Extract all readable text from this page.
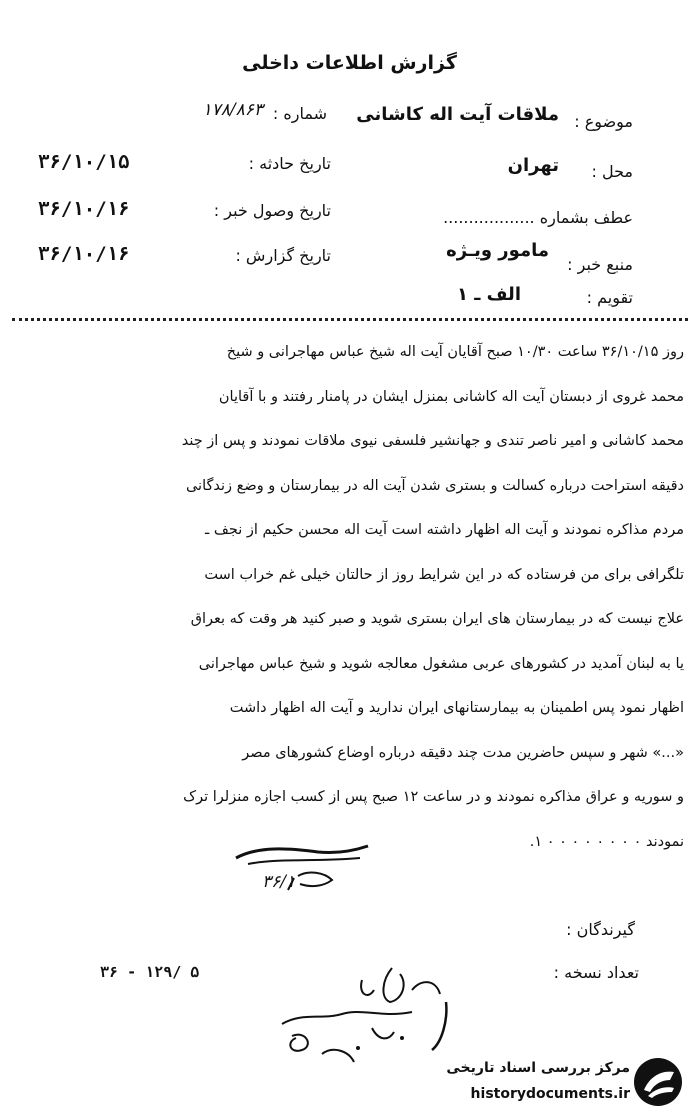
گزارش اطلاعات داخلی
موضوع :
ملاقات آیت اله کاشانی
شماره :
۱۷۸/۸۶۳
محل :
تهران
تاریخ حادثه :
۳۶/۱۰/۱۵
عطف بشماره ..................
تاریخ وصول خبر :
۳۶/۱۰/۱۶
منبع خبر :
مامور ویـژه
تاریخ گزارش :
۳۶/۱۰/۱۶
تقویم :
الف ـ ۱

روز ۳۶/۱۰/۱۵ ساعت ۱۰/۳۰ صبح آقایان آیت اله شیخ عباس مهاجرانی و شیخ

محمد غروی از دبستان آیت اله کاشانی بمنزل ایشان در پامنار رفتند و با آقایان

محمد کاشانی و امیر ناصر تندی و جهانشیر فلسفی نیوی ملاقات نمودند و پس از چند

دقیقه استراحت درباره کسالت و بستری شدن آیت اله در بیمارستان و وضع زندگانی

مردم مذاکره نمودند و آیت اله اظهار داشته است آیت اله محسن حکیم از نجف ـ

تلگرافی برای من فرستاده که در این شرایط روز از حالتان خیلی غم خراب است

علاج نیست که در بیمارستان های ایران بستری شوید و صبر کنید هر وقت که بعراق

یا به لبنان آمدید در کشورهای عربی مشغول معالجه شوید و شیخ عباس مهاجرانی

اظهار نمود پس اطمینان به بیمارستانهای ایران ندارید و آیت اله اظهار داشت

«...» شهر و سپس حاضرین مدت چند دقیقه درباره اوضاع کشورهای مصر

و سوریه و عراق مذاکره نمودند و در ساعت ۱۲ صبح پس از کسب اجازه منزلرا ترک

نمودند ۰ ۰ ۰ ۰ ۰ ۰ ۰ ۰ ۱.

۳۶/۱
گیرندگان :
تعداد نسخه :
۳۶ - ۱۲۹/ ۵
مرکز بررسی اسناد تاریخی
historydocuments.ir
